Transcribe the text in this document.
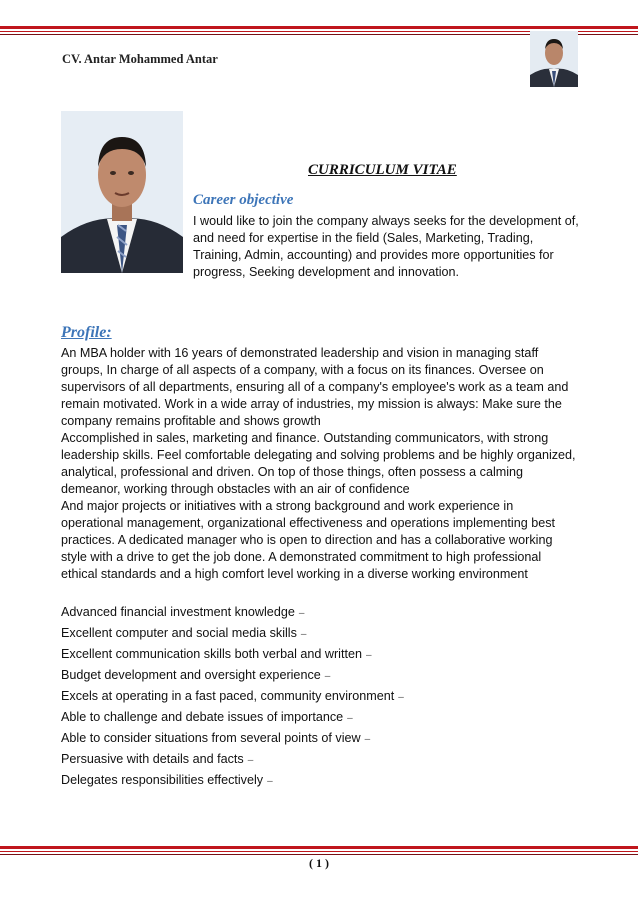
CV. Antar Mohammed Antar
CURRICULUM VITAE
Career objective

I would like to join the company always seeks for the development of, and need for expertise in the field (Sales, Marketing, Trading, Training, Admin, accounting) and provides more opportunities for progress, Seeking development and innovation.

Profile:

An MBA holder with 16 years of demonstrated leadership and vision in managing staff groups, In charge of all aspects of a company, with a focus on its finances. Oversee on supervisors of all departments, ensuring all of a company's employee's work as a team and remain motivated. Work in a wide array of industries, my mission is always: Make sure the company remains profitable and shows growth

Accomplished in sales, marketing and finance. Outstanding communicators, with strong leadership skills. Feel comfortable delegating and solving problems and be highly organized, analytical, professional and driven. On top of those things, often possess a calming demeanor, working through obstacles with an air of confidence

And major projects or initiatives with a strong background and work experience in operational management, organizational effectiveness and operations implementing best practices. A dedicated manager who is open to direction and has a collaborative working style with a drive to get the job done. A demonstrated commitment to high professional ethical standards and a high comfort level working in a diverse working environment

Advanced financial investment knowledge –
Excellent computer and social media skills –
Excellent communication skills both verbal and written –
Budget development and oversight experience –
Excels at operating in a fast paced, community environment –
Able to challenge and debate issues of importance –
Able to consider situations from several points of view –
Persuasive with details and facts –
Delegates responsibilities effectively –
( 1 )
